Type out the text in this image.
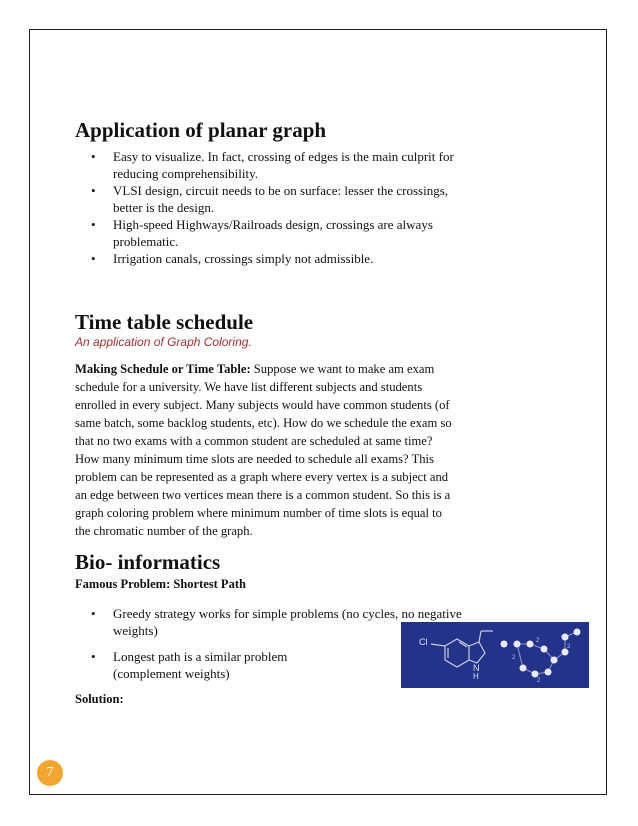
Application of planar graph
• Easy to visualize. In fact, crossing of edges is the main culprit for reducing comprehensibility.
• VLSI design, circuit needs to be on surface: lesser the crossings, better is the design.
• High-speed Highways/Railroads design, crossings are always problematic.
• Irrigation canals, crossings simply not admissible.
Time table schedule

An application of Graph Coloring.

Making Schedule or Time Table: Suppose we want to make am exam schedule for a university. We have list different subjects and students enrolled in every subject. Many subjects would have common students (of same batch, some backlog students, etc). How do we schedule the exam so that no two exams with a common student are scheduled at same time? How many minimum time slots are needed to schedule all exams? This problem can be represented as a graph where every vertex is a subject and an edge between two vertices mean there is a common student. So this is a graph coloring problem where minimum number of time slots is equal to the chromatic number of the graph.

Bio- informatics

Famous Problem: Shortest Path

• Greedy strategy works for simple problems (no cycles, no negative weights)
• Longest path is a similar problem (complement weights)

Solution:

Cl
N
H
2
2
2
2
7
